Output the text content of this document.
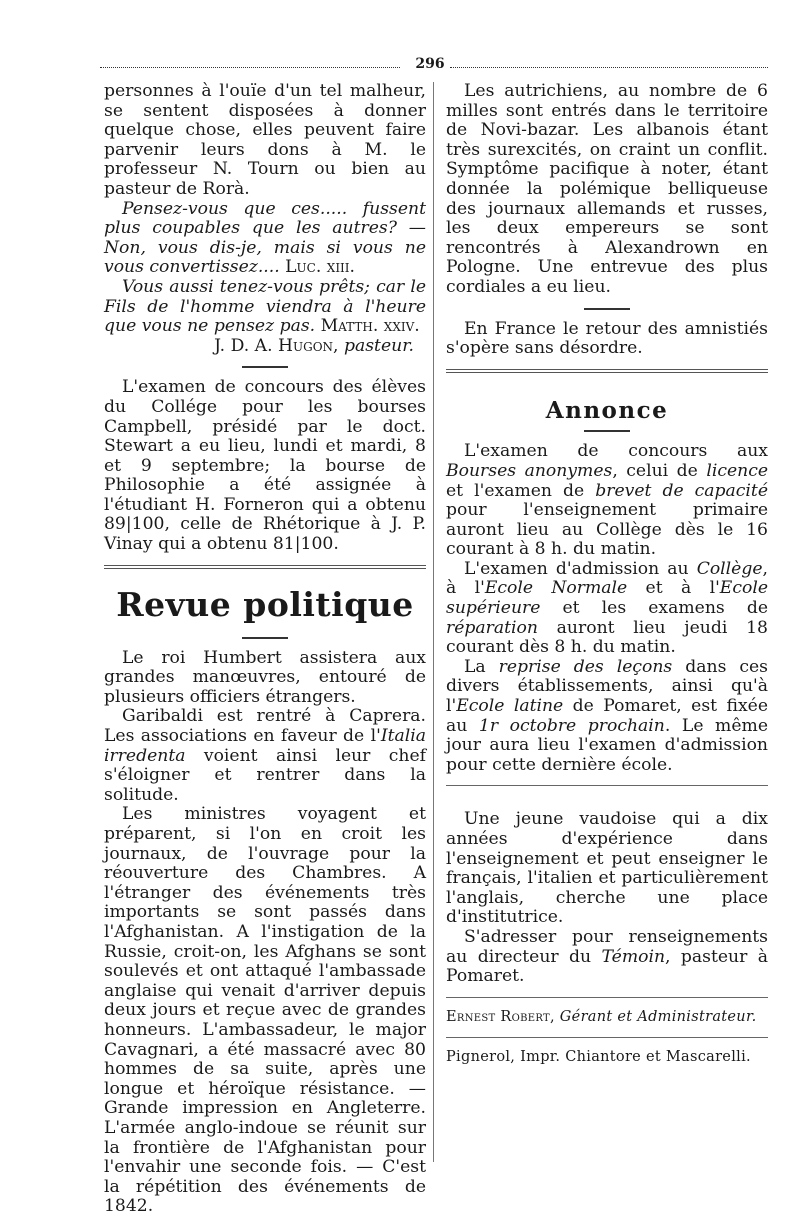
296

personnes à l'ouïe d'un tel malheur, se sentent disposées à donner quelque chose, elles peuvent faire parvenir leurs dons à M. le professeur N. Tourn ou bien au pasteur de Rorà.

Pensez-vous que ces..... fussent plus coupables que les autres? — Non, vous dis-je, mais si vous ne vous convertissez.... Luc. xiii.

Vous aussi tenez-vous prêts; car le Fils de l'homme viendra à l'heure que vous ne pensez pas. Matth. xxiv.

J. D. A. Hugon, pasteur.

L'examen de concours des élèves du Collége pour les bourses Campbell, présidé par le doct. Stewart a eu lieu, lundi et mardi, 8 et 9 septembre; la bourse de Philosophie a été assignée à l'étudiant H. Forneron qui a obtenu 89|100, celle de Rhétorique à J. P. Vinay qui a obtenu 81|100.

Revue politique

Le roi Humbert assistera aux grandes manœuvres, entouré de plusieurs officiers étrangers.

Garibaldi est rentré à Caprera. Les associations en faveur de l'Italia irredenta voient ainsi leur chef s'éloigner et rentrer dans la solitude.

Les ministres voyagent et préparent, si l'on en croit les journaux, de l'ouvrage pour la réouverture des Chambres. A l'étranger des événements très importants se sont passés dans l'Afghanistan. A l'instigation de la Russie, croit-on, les Afghans se sont soulevés et ont attaqué l'ambassade anglaise qui venait d'arriver depuis deux jours et reçue avec de grandes honneurs. L'ambassadeur, le major Cavagnari, a été massacré avec 80 hommes de sa suite, après une longue et héroïque résistance. — Grande impression en Angleterre. L'armée anglo-indoue se réunit sur la frontière de l'Afghanistan pour l'envahir une seconde fois. — C'est la répétition des événements de 1842.

Les autrichiens, au nombre de 6 milles sont entrés dans le territoire de Novi-bazar. Les albanois étant très surexcités, on craint un conflit. Symptôme pacifique à noter, étant donnée la polémique belliqueuse des journaux allemands et russes, les deux empereurs se sont rencontrés à Alexandrown en Pologne. Une entrevue des plus cordiales a eu lieu.

En France le retour des amnistiés s'opère sans désordre.

Annonce

L'examen de concours aux Bourses anonymes, celui de licence et l'examen de brevet de capacité pour l'enseignement primaire auront lieu au Collège dès le 16 courant à 8 h. du matin.

L'examen d'admission au Collège, à l'Ecole Normale et à l'Ecole supérieure et les examens de réparation auront lieu jeudi 18 courant dès 8 h. du matin.

La reprise des leçons dans ces divers établissements, ainsi qu'à l'Ecole latine de Pomaret, est fixée au 1r octobre prochain. Le même jour aura lieu l'examen d'admission pour cette dernière école.

Une jeune vaudoise qui a dix années d'expérience dans l'enseignement et peut enseigner le français, l'italien et particulièrement l'anglais, cherche une place d'institutrice.

S'adresser pour renseignements au directeur du Témoin, pasteur à Pomaret.

Ernest Robert, Gérant et Administrateur.

Pignerol, Impr. Chiantore et Mascarelli.
